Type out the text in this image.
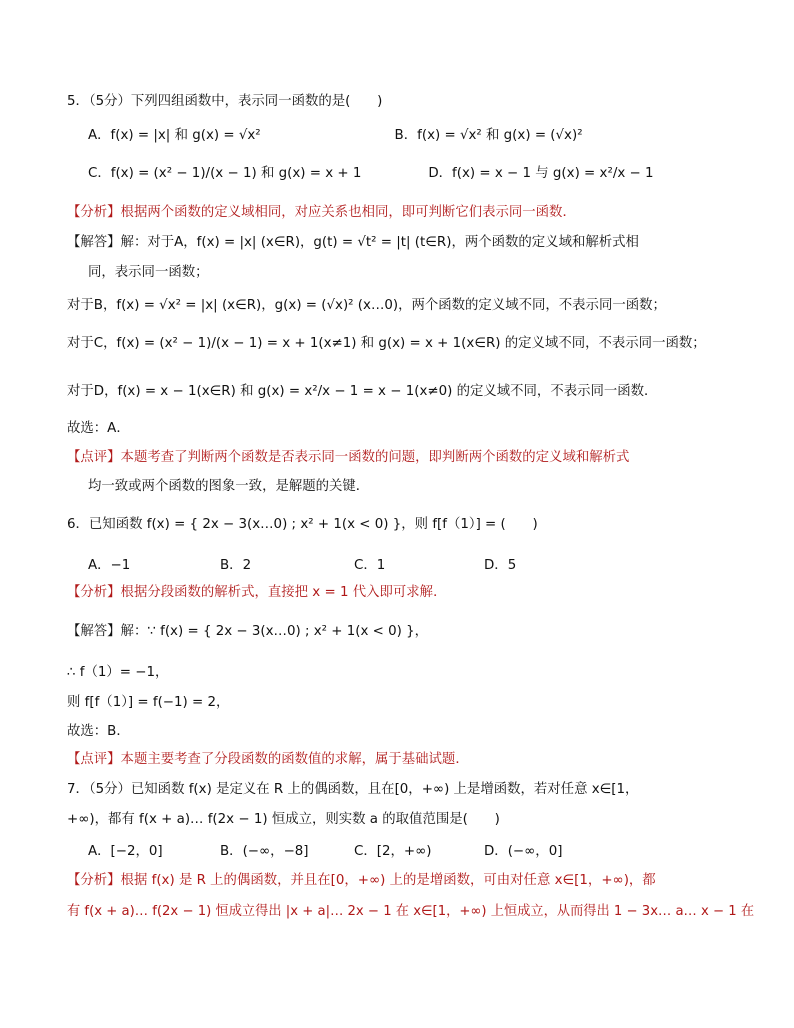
5．（5分）下列四组函数中，表示同一函数的是(　　)
A．f(x) = |x| 和 g(x) = √x²　　　　　　　　　　B．f(x) = √x² 和 g(x) = (√x)²
C．f(x) = (x² − 1)/(x − 1) 和 g(x) = x + 1　　　　　D．f(x) = x − 1 与 g(x) = x²/x − 1
【分析】根据两个函数的定义域相同，对应关系也相同，即可判断它们表示同一函数．
【解答】解：对于A，f(x) = |x| (x∈R)，g(t) = √t² = |t| (t∈R)，两个函数的定义域和解析式相
同，表示同一函数；
对于B，f(x) = √x² = |x| (x∈R)，g(x) = (√x)² (x…0)，两个函数的定义域不同，不表示同一函数；
对于C，f(x) = (x² − 1)/(x − 1) = x + 1(x≠1) 和 g(x) = x + 1(x∈R) 的定义域不同，不表示同一函数；
对于D，f(x) = x − 1(x∈R) 和 g(x) = x²/x − 1 = x − 1(x≠0) 的定义域不同，不表示同一函数．
故选：A．
【点评】本题考查了判断两个函数是否表示同一函数的问题，即判断两个函数的定义域和解析式
均一致或两个函数的图象一致，是解题的关键．
6．已知函数 f(x) = { 2x − 3(x…0) ; x² + 1(x < 0) }，则 f[f（1）] = (　　)
A．−1	B．2	C．1	D．5
【分析】根据分段函数的解析式，直接把 x = 1 代入即可求解．
【解答】解：∵ f(x) = { 2x − 3(x…0) ; x² + 1(x < 0) }，
∴ f（1）= −1，
则 f[f（1）] = f(−1) = 2，
故选：B．
【点评】本题主要考查了分段函数的函数值的求解，属于基础试题．
7．（5分）已知函数 f(x) 是定义在 R 上的偶函数，且在[0，+∞) 上是增函数，若对任意 x∈[1，
+∞)，都有 f(x + a)… f(2x − 1) 恒成立，则实数 a 的取值范围是(　　)
A．[−2，0]	B．(−∞，−8]	C．[2，+∞)	D．(−∞，0]
【分析】根据 f(x) 是 R 上的偶函数，并且在[0，+∞) 上的是增函数，可由对任意 x∈[1，+∞)，都
有 f(x + a)… f(2x − 1) 恒成立得出 |x + a|… 2x − 1 在 x∈[1，+∞) 上恒成立，从而得出 1 − 3x… a… x − 1 在
